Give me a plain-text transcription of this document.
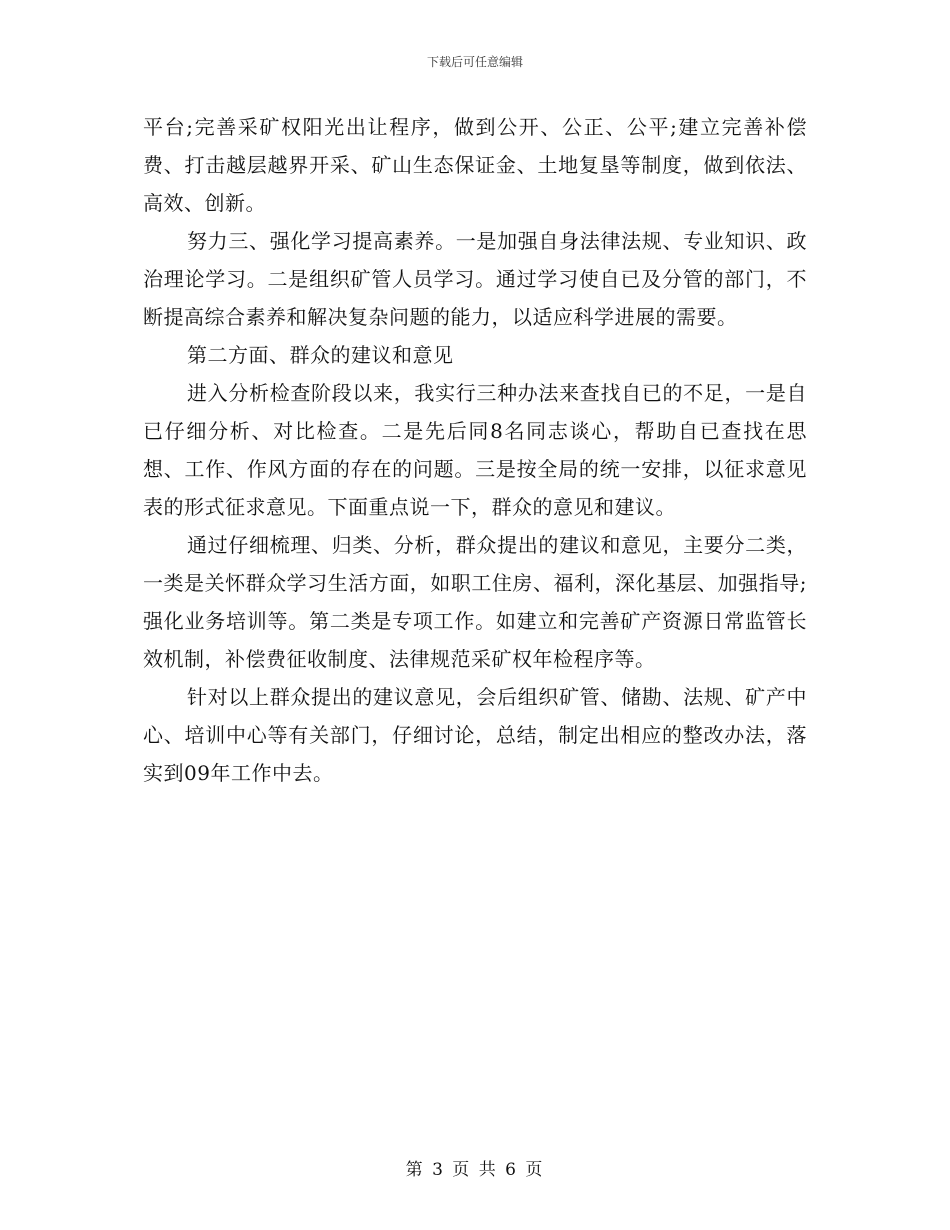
下载后可任意编辑

平台;完善采矿权阳光出让程序，做到公开、公正、公平;建立完善补偿费、打击越层越界开采、矿山生态保证金、土地复垦等制度，做到依法、高效、创新。

努力三、强化学习提高素养。一是加强自身法律法规、专业知识、政治理论学习。二是组织矿管人员学习。通过学习使自已及分管的部门，不断提高综合素养和解决复杂问题的能力，以适应科学进展的需要。

第二方面、群众的建议和意见

进入分析检查阶段以来，我实行三种办法来查找自已的不足，一是自已仔细分析、对比检查。二是先后同8名同志谈心，帮助自已查找在思想、工作、作风方面的存在的问题。三是按全局的统一安排，以征求意见表的形式征求意见。下面重点说一下，群众的意见和建议。

通过仔细梳理、归类、分析，群众提出的建议和意见，主要分二类，一类是关怀群众学习生活方面，如职工住房、福利，深化基层、加强指导;强化业务培训等。第二类是专项工作。如建立和完善矿产资源日常监管长效机制，补偿费征收制度、法律规范采矿权年检程序等。

针对以上群众提出的建议意见，会后组织矿管、储勘、法规、矿产中心、培训中心等有关部门，仔细讨论，总结，制定出相应的整改办法，落实到09年工作中去。

第 3 页 共 6 页
